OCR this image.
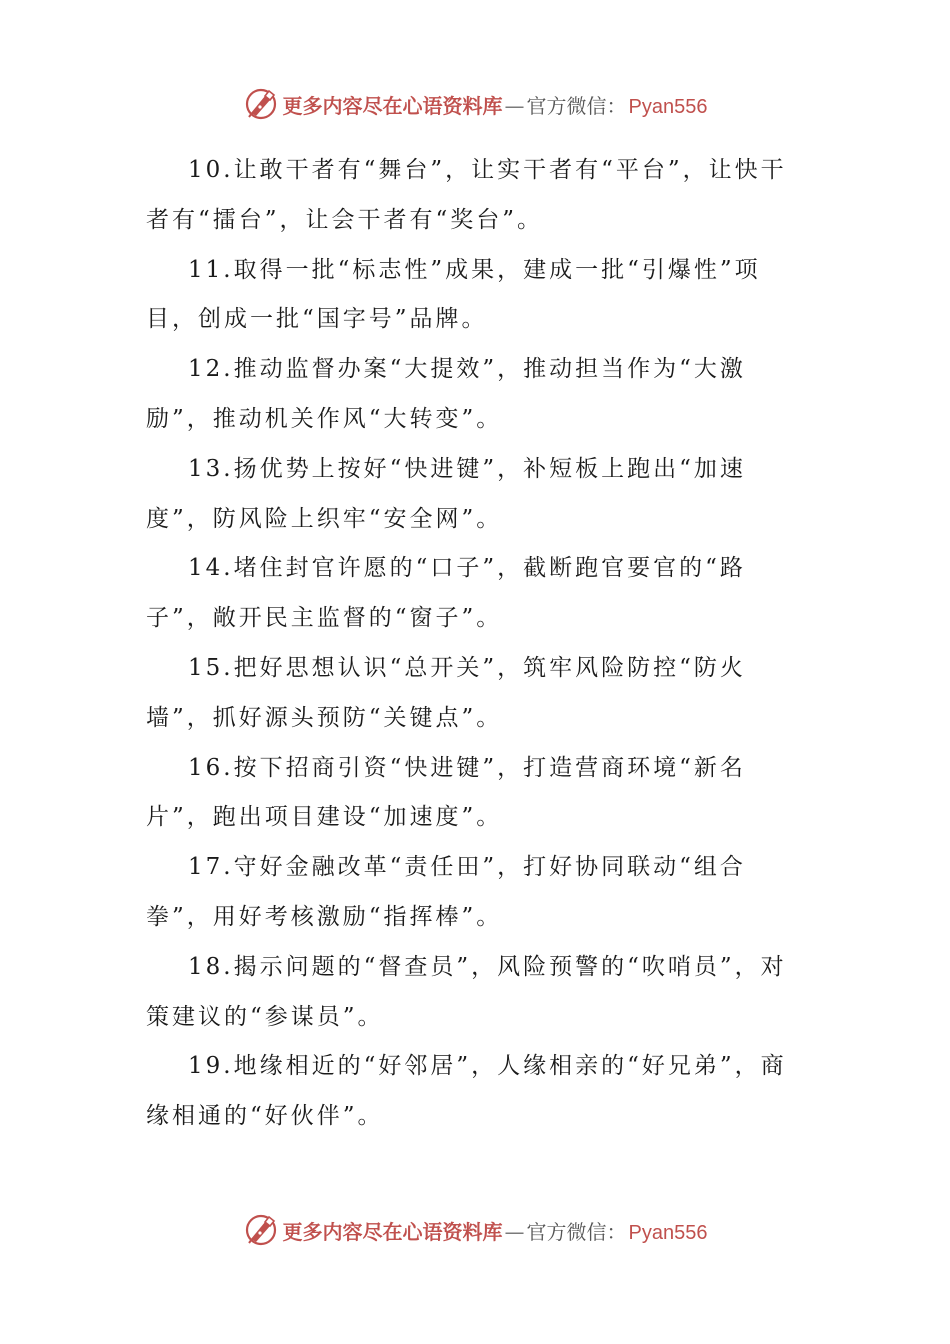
更多内容尽在心语资料库 — 官方微信： Pyan556

10.让敢干者有“舞台”，让实干者有“平台”，让快干者有“擂台”，让会干者有“奖台”。

11.取得一批“标志性”成果，建成一批“引爆性”项目，创成一批“国字号”品牌。

12.推动监督办案“大提效”，推动担当作为“大激励”，推动机关作风“大转变”。

13.扬优势上按好“快进键”，补短板上跑出“加速度”，防风险上织牢“安全网”。

14.堵住封官许愿的“口子”，截断跑官要官的“路子”，敞开民主监督的“窗子”。

15.把好思想认识“总开关”，筑牢风险防控“防火墙”，抓好源头预防“关键点”。

16.按下招商引资“快进键”，打造营商环境“新名片”，跑出项目建设“加速度”。

17.守好金融改革“责任田”，打好协同联动“组合拳”，用好考核激励“指挥棒”。

18.揭示问题的“督查员”，风险预警的“吹哨员”，对策建议的“参谋员”。

19.地缘相近的“好邻居”，人缘相亲的“好兄弟”，商缘相通的“好伙伴”。

更多内容尽在心语资料库 — 官方微信： Pyan556
